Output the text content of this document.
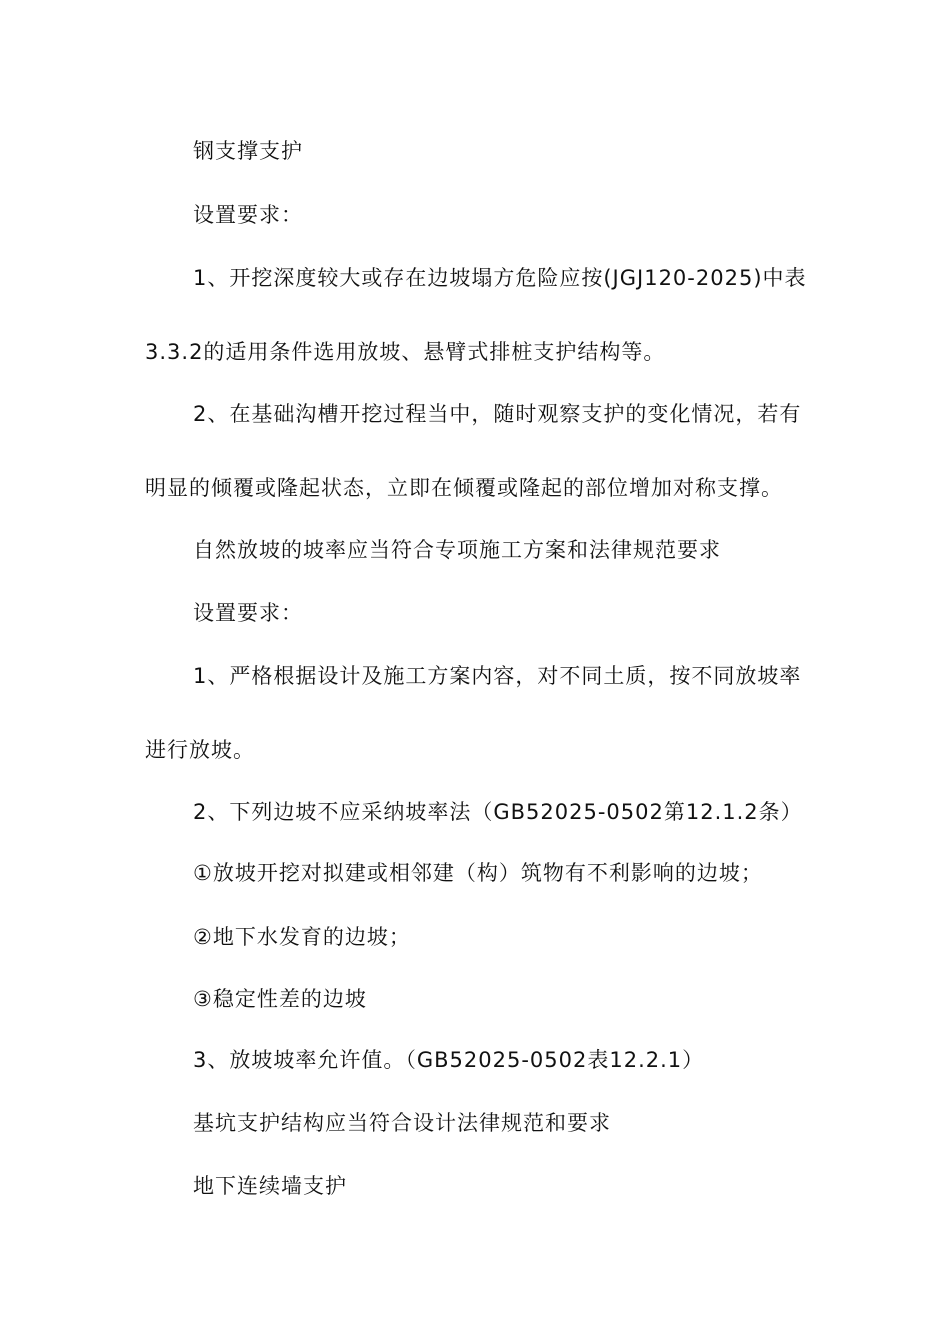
钢支撑支护
设置要求：
1、开挖深度较大或存在边坡塌方危险应按(JGJ120-2025)中表
3.3.2的适用条件选用放坡、悬臂式排桩支护结构等。
2、在基础沟槽开挖过程当中，随时观察支护的变化情况，若有
明显的倾覆或隆起状态，立即在倾覆或隆起的部位增加对称支撑。
自然放坡的坡率应当符合专项施工方案和法律规范要求
设置要求：
1、严格根据设计及施工方案内容，对不同土质，按不同放坡率
进行放坡。
2、下列边坡不应采纳坡率法（GB52025-0502第12.1.2条）
①放坡开挖对拟建或相邻建（构）筑物有不利影响的边坡；
②地下水发育的边坡；
③稳定性差的边坡
3、放坡坡率允许值。（GB52025-0502表12.2.1）
基坑支护结构应当符合设计法律规范和要求
地下连续墙支护
